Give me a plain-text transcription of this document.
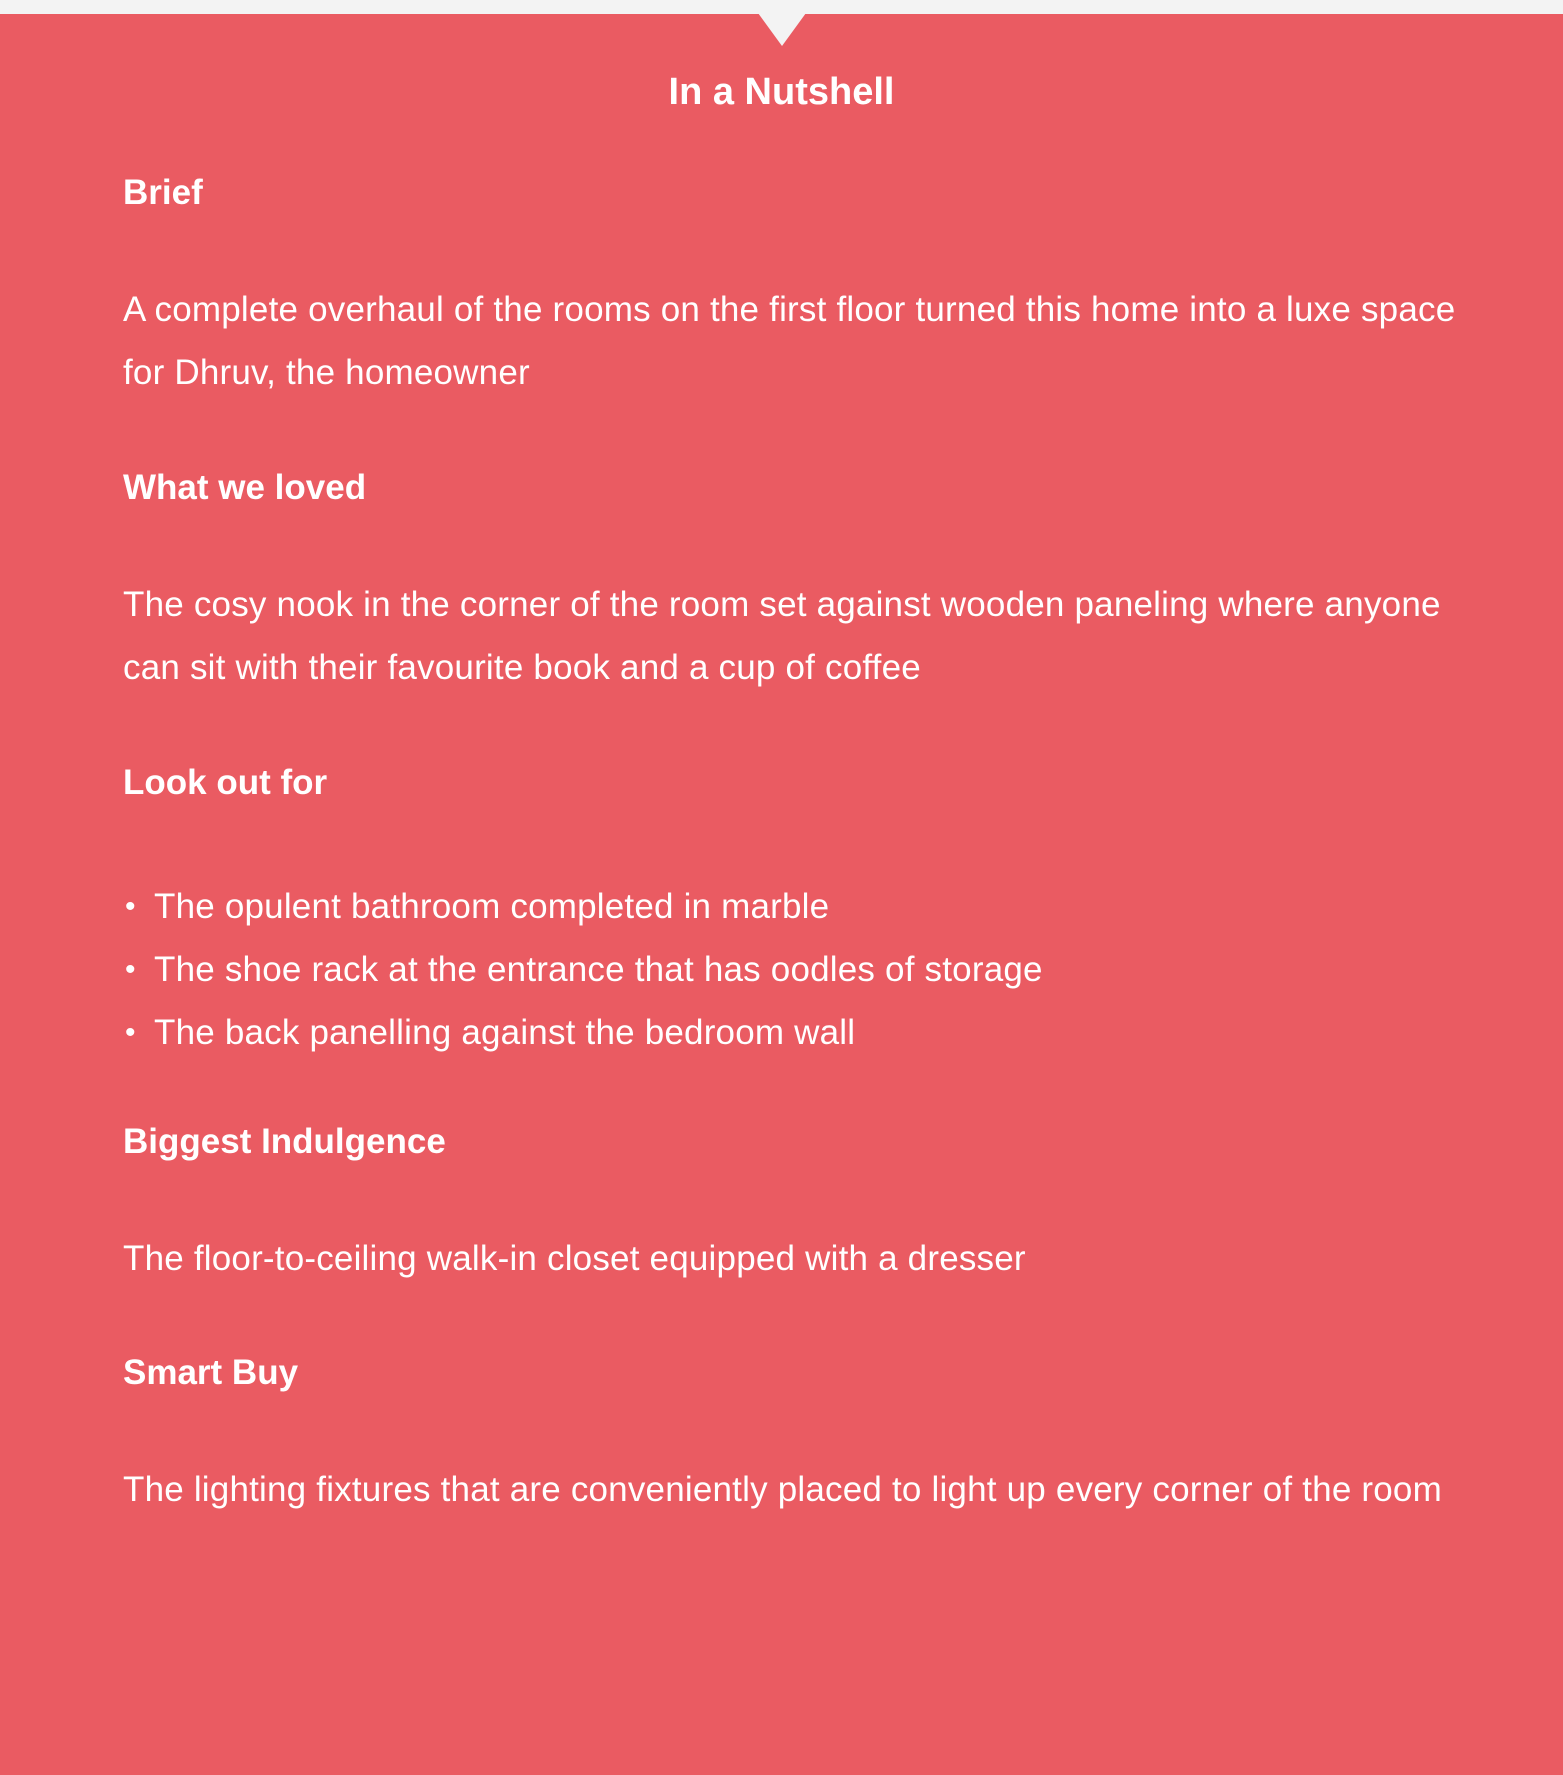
In a Nutshell
Brief

A complete overhaul of the rooms on the first floor turned this home into a luxe space for Dhruv, the homeowner

What we loved

The cosy nook in the corner of the room set against wooden paneling where anyone can sit with their favourite book and a cup of coffee

Look out for
• The opulent bathroom completed in marble
• The shoe rack at the entrance that has oodles of storage
• The back panelling against the bedroom wall
Biggest Indulgence

The floor-to-ceiling walk-in closet equipped with a dresser

Smart Buy

The lighting fixtures that are conveniently placed to light up every corner of the room
